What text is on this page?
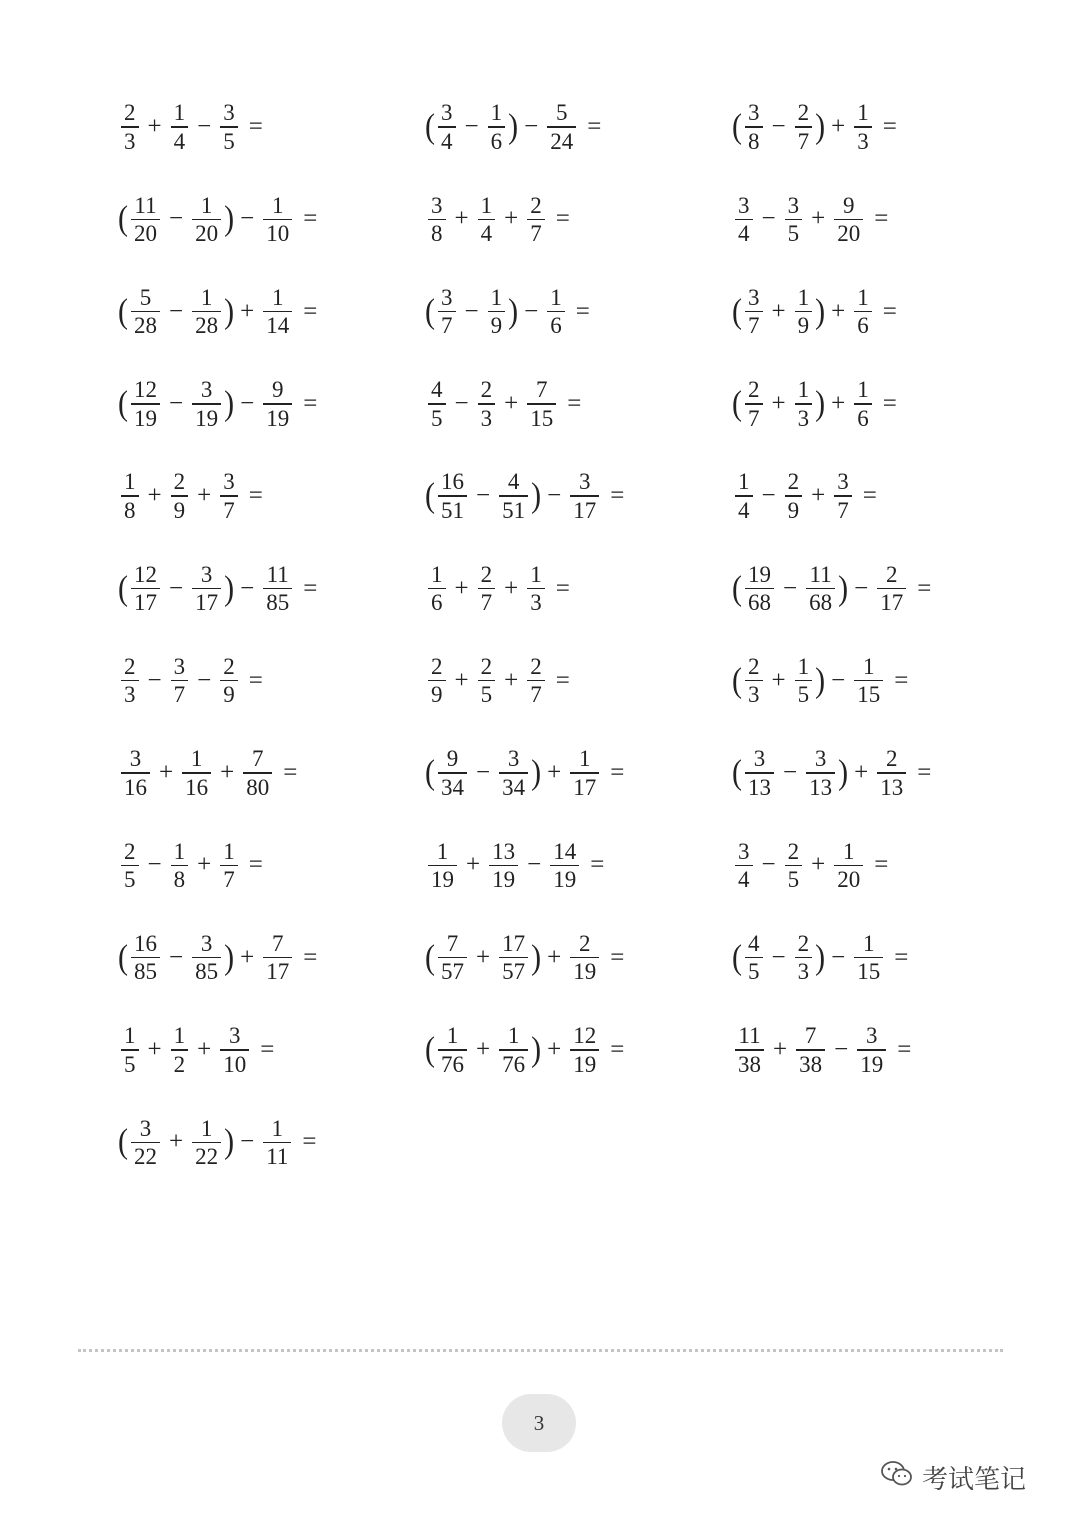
$\frac{2}{3} + \frac{1}{4} - \frac{3}{5}$ =	( $\frac{3}{4} - \frac{1}{6}$ ) − $\frac{5}{24}$ =	( $\frac{3}{8} - \frac{2}{7}$ ) + $\frac{1}{3}$ =
( $\frac{11}{20} - \frac{1}{20}$ ) − $\frac{1}{10}$ =	$\frac{3}{8} + \frac{1}{4} + \frac{2}{7}$ =	$\frac{3}{4} - \frac{3}{5} + \frac{9}{20}$ =
( $\frac{5}{28} - \frac{1}{28}$ ) + $\frac{1}{14}$ =	( $\frac{3}{7} - \frac{1}{9}$ ) − $\frac{1}{6}$ =	( $\frac{3}{7} + \frac{1}{9}$ ) + $\frac{1}{6}$ =
( $\frac{12}{19} - \frac{3}{19}$ ) − $\frac{9}{19}$ =	$\frac{4}{5} - \frac{2}{3} + \frac{7}{15}$ =	( $\frac{2}{7} + \frac{1}{3}$ ) + $\frac{1}{6}$ =
$\frac{1}{8} + \frac{2}{9} + \frac{3}{7}$ =	( $\frac{16}{51} - \frac{4}{51}$ ) − $\frac{3}{17}$ =	$\frac{1}{4} - \frac{2}{9} + \frac{3}{7}$ =
( $\frac{12}{17} - \frac{3}{17}$ ) − $\frac{11}{85}$ =	$\frac{1}{6} + \frac{2}{7} + \frac{1}{3}$ =	( $\frac{19}{68} - \frac{11}{68}$ ) − $\frac{2}{17}$ =
$\frac{2}{3} - \frac{3}{7} - \frac{2}{9}$ =	$\frac{2}{9} + \frac{2}{5} + \frac{2}{7}$ =	( $\frac{2}{3} + \frac{1}{5}$ ) − $\frac{1}{15}$ =
$\frac{3}{16} + \frac{1}{16} + \frac{7}{80}$ =	( $\frac{9}{34} - \frac{3}{34}$ ) + $\frac{1}{17}$ =	( $\frac{3}{13} - \frac{3}{13}$ ) + $\frac{2}{13}$ =
$\frac{2}{5} - \frac{1}{8} + \frac{1}{7}$ =	$\frac{1}{19} + \frac{13}{19} - \frac{14}{19}$ =	$\frac{3}{4} - \frac{2}{5} + \frac{1}{20}$ =
( $\frac{16}{85} - \frac{3}{85}$ ) + $\frac{7}{17}$ =	( $\frac{7}{57} + \frac{17}{57}$ ) + $\frac{2}{19}$ =	( $\frac{4}{5} - \frac{2}{3}$ ) − $\frac{1}{15}$ =
$\frac{1}{5} + \frac{1}{2} + \frac{3}{10}$ =	( $\frac{1}{76} + \frac{1}{76}$ ) + $\frac{12}{19}$ =	$\frac{11}{38} + \frac{7}{38} - \frac{3}{19}$ =
( $\frac{3}{22} + \frac{1}{22}$ ) − $\frac{1}{11}$ =
3
考试笔记
